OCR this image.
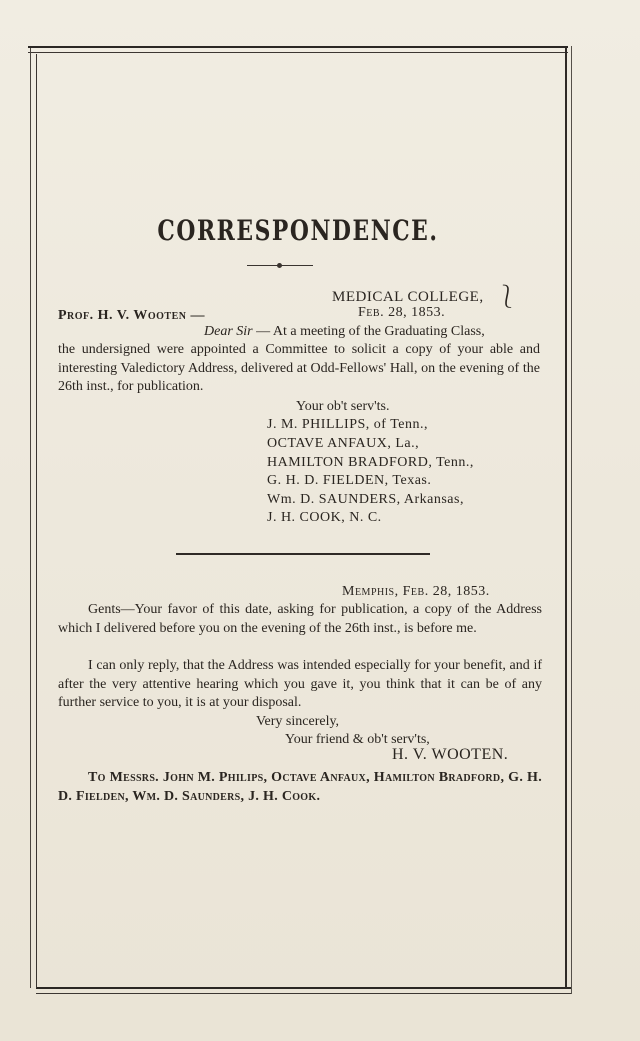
CORRESPONDENCE.
MEDICAL COLLEGE, ⎱
Prof. H. V. Wooten —	Feb. 28, 1853.
Dear Sir — At a meeting of the Graduating Class,
the undersigned were appointed a Committee to solicit a copy of your able and interesting Valedictory Address, delivered at Odd-Fellows' Hall, on the evening of the 26th inst., for publication.
Your ob't serv'ts.
J. M. PHILLIPS, of Tenn.,
OCTAVE ANFAUX, La.,
HAMILTON BRADFORD, Tenn.,
G. H. D. FIELDEN, Texas.
Wm. D. SAUNDERS, Arkansas,
J. H. COOK, N. C.
Memphis, Feb. 28, 1853.
Gents—Your favor of this date, asking for publication, a copy of the Address which I delivered before you on the evening of the 26th inst., is before me.
I can only reply, that the Address was intended especially for your benefit, and if after the very attentive hearing which you gave it, you think that it can be of any further service to you, it is at your disposal.
Very sincerely,
Your friend & ob't serv'ts,
H. V. WOOTEN.
To Messrs. John M. Philips, Octave Anfaux, Hamilton Bradford, G. H. D. Fielden, Wm. D. Saunders, J. H. Cook.
